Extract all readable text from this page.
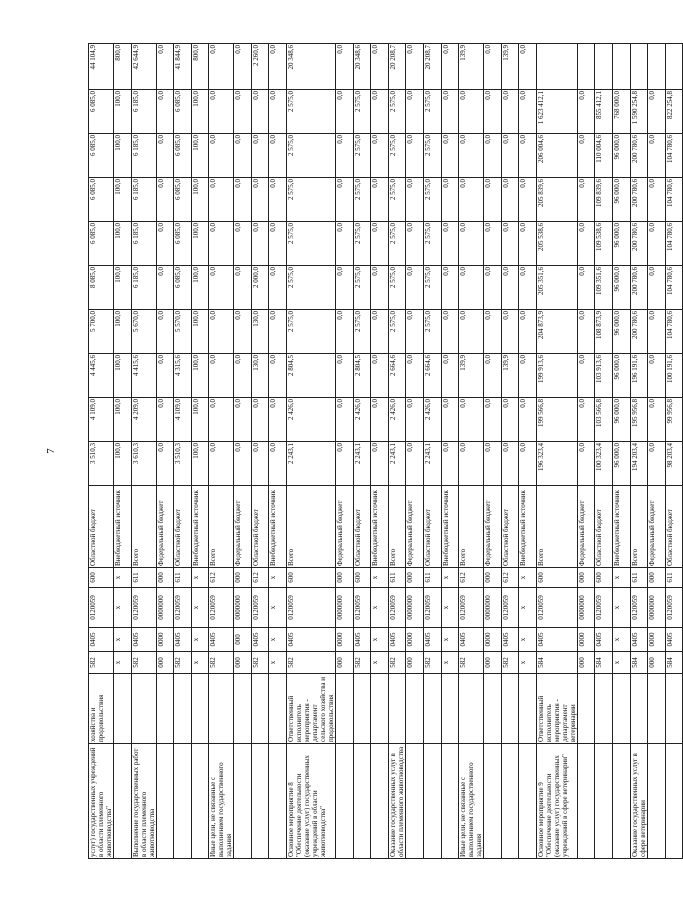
7
услуг) государственных учреждений в области племенного животноводства"	хозяйства и продовольствия	582	0405	0120059	600	Областной бюджет	3 510,3	4 109,0	4 445,6	5 700,0	8 085,0	6 085,0	6 085,0	6 085,0	6 085,0	44 104,9
		x	x	x	x	Внебюджетный источник	100,0	100,0	100,0	100,0	100,0	100,0	100,0	100,0	100,0	800,0
Выполнение государственных работ в области племенного животноводства		582	0405	0120059	611	Всего	3 610,3	4 209,0	4 415,6	5 670,0	6 185,0	6 185,0	6 185,0	6 185,0	6 185,0	42 644,9
		000	0000	0000000	000	Федеральный бюджет	0,0	0,0	0,0	0,0	0,0	0,0	0,0	0,0	0,0	0,0
		582	0405	0120059	611	Областной бюджет	3 510,3	4 109,0	4 315,6	5 570,0	6 085,0	6 085,0	6 085,0	6 085,0	6 085,0	41 844,9
		x	x	x	x	Внебюджетный источник	100,0	100,0	100,0	100,0	100,0	100,0	100,0	100,0	100,0	800,0
Иные цели, не связанные с выполнением государственного задания		582	0405	0120059	612	Всего	0,0	0,0	0,0	0,0	0,0	0,0	0,0	0,0	0,0	0,0
		000	000	0000000	000	Федеральный бюджет	0,0	0,0	0,0	0,0	0,0	0,0	0,0	0,0	0,0	0,0
		582	0405	0120059	612	Областной бюджет	0,0	0,0	130,0	130,0	2 000,0	0,0	0,0	0,0	0,0	2 260,0
		x	x	x	x	Внебюджетный источник	0,0	0,0	0,0	0,0	0,0	0,0	0,0	0,0	0,0	0,0
Основное мероприятие 8 "Обеспечение деятельности (оказание услуг) государственных учреждений в области животноводства"	Ответственный исполнитель мероприятия - департамент сельского хозяйства и продовольствия	582	0405	0120059	600	Всего	2 243,1	2 426,0	2 804,5	2 575,0	2 575,0	2 575,0	2 575,0	2 575,0	2 575,0	20 348,6
		000	0000	0000000	000	Федеральный бюджет	0,0	0,0	0,0	0,0	0,0	0,0	0,0	0,0	0,0	0,0
		582	0405	0120059	600	Областной бюджет	2 243,1	2 426,0	2 804,5	2 575,0	2 575,0	2 575,0	2 575,0	2 575,0	2 575,0	20 348,6
		x	x	x	x	Внебюджетный источник	0,0	0,0	0,0	0,0	0,0	0,0	0,0	0,0	0,0	0,0
Оказание государственных услуг в области племенного животноводства		582	0405	0120059	611	Всего	2 243,1	2 426,0	2 664,6	2 575,0	2 575,0	2 575,0	2 575,0	2 575,0	2 575,0	20 208,7
		000	0000	0000000	000	Федеральный бюджет	0,0	0,0	0,0	0,0	0,0	0,0	0,0	0,0	0,0	0,0
		582	0405	0120059	611	Областной бюджет	2 243,1	2 426,0	2 664,6	2 575,0	2 575,0	2 575,0	2 575,0	2 575,0	2 575,0	20 208,7
		x	x	x	x	Внебюджетный источник	0,0	0,0	0,0	0,0	0,0	0,0	0,0	0,0	0,0	0,0
Иные цели, не связанные с выполнением государственного задания		582	0405	0120059	612	Всего	0,0	0,0	139,9	0,0	0,0	0,0	0,0	0,0	0,0	139,9
		000	0000	0000000	000	Федеральный бюджет	0,0	0,0	0,0	0,0	0,0	0,0	0,0	0,0	0,0	0,0
		582	0405	0120059	612	Областной бюджет	0,0	0,0	139,9	0,0	0,0	0,0	0,0	0,0	0,0	139,9
		x	x	x	x	Внебюджетный источник	0,0	0,0	0,0	0,0	0,0	0,0	0,0	0,0	0,0	0,0
Основное мероприятие 9 "Обеспечение деятельности (оказание услуг) государственных учреждений в сфере ветеринарии"	Ответственный исполнитель мероприятия - департамент ветеринарии	584	0405	0120059	600	Всего	196 323,4	199 566,8	199 913,6	204 873,9	205 351,6	205 538,6	205 839,6	206 004,6	1 623 412,1	
		000	0000	0000000	000	Федеральный бюджет	0,0	0,0	0,0	0,0	0,0	0,0	0,0	0,0	0,0	
		584	0405	0120059	600	Областной бюджет	100 323,4	103 566,8	103 913,6	108 873,9	109 351,6	109 538,6	109 839,6	110 004,6	855 412,1	
		x	x	x	x	Внебюджетный источник	96 000,0	96 000,0	96 000,0	96 000,0	96 000,0	96 000,0	96 000,0	96 000,0	768 000,0	
Оказание государственных услуг в сфере ветеринарии		584	0405	0120059	611	Всего	194 203,4	195 956,8	196 191,6	200 780,6	200 780,6	200 780,6	200 780,6	200 780,6	1 590 254,8	
		000	0000	0000000	000	Федеральный бюджет	0,0	0,0	0,0	0,0	0,0	0,0	0,0	0,0	0,0	
		584	0405	0120059	611	Областной бюджет	98 203,4	99 956,8	100 191,6	104 780,6	104 780,6	104 780,6	104 780,6	104 780,6	822 254,8	
